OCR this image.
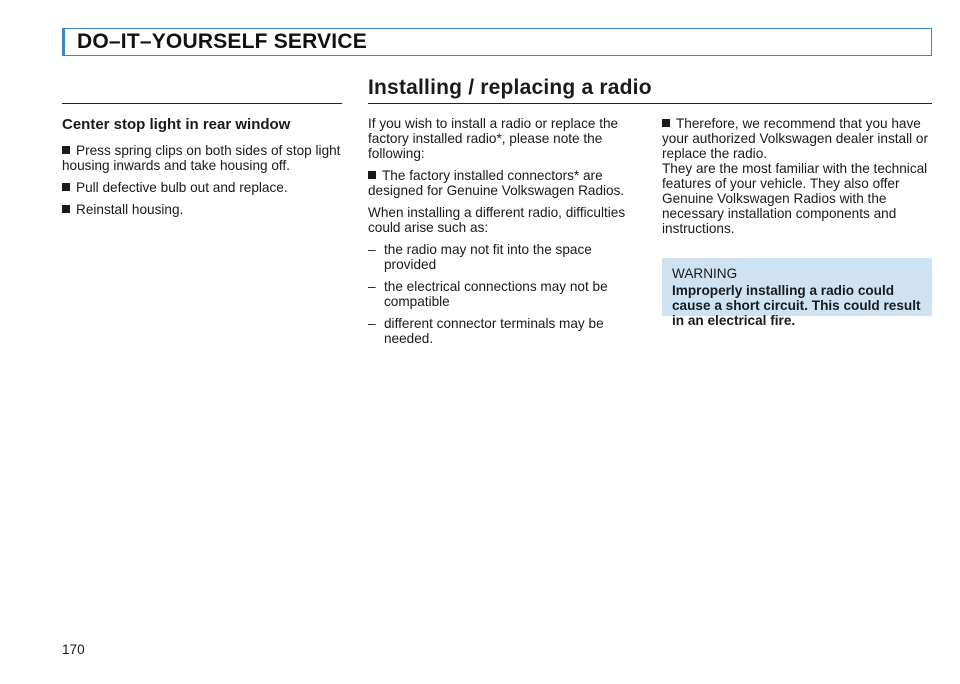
DO–IT–YOURSELF SERVICE
Center stop light in rear window

Press spring clips on both sides of stop light housing inwards and take housing off.

Pull defective bulb out and replace.

Reinstall housing.

Installing / replacing a radio

If you wish to install a radio or replace the factory installed radio*, please note the following:

The factory installed connectors* are designed for Genuine Volkswagen Radios.

When installing a different radio, difficulties could arise such as:

– the radio may not fit into the space provided
– the electrical connections may not be compatible
– different connector terminals may be needed.

Therefore, we recommend that you have your authorized Volkswagen dealer install or replace the radio.

They are the most familiar with the technical features of your vehicle. They also offer Genuine Volkswagen Radios with the necessary installation components and instructions.

WARNING
Improperly installing a radio could cause a short circuit. This could result in an electrical fire.
170
